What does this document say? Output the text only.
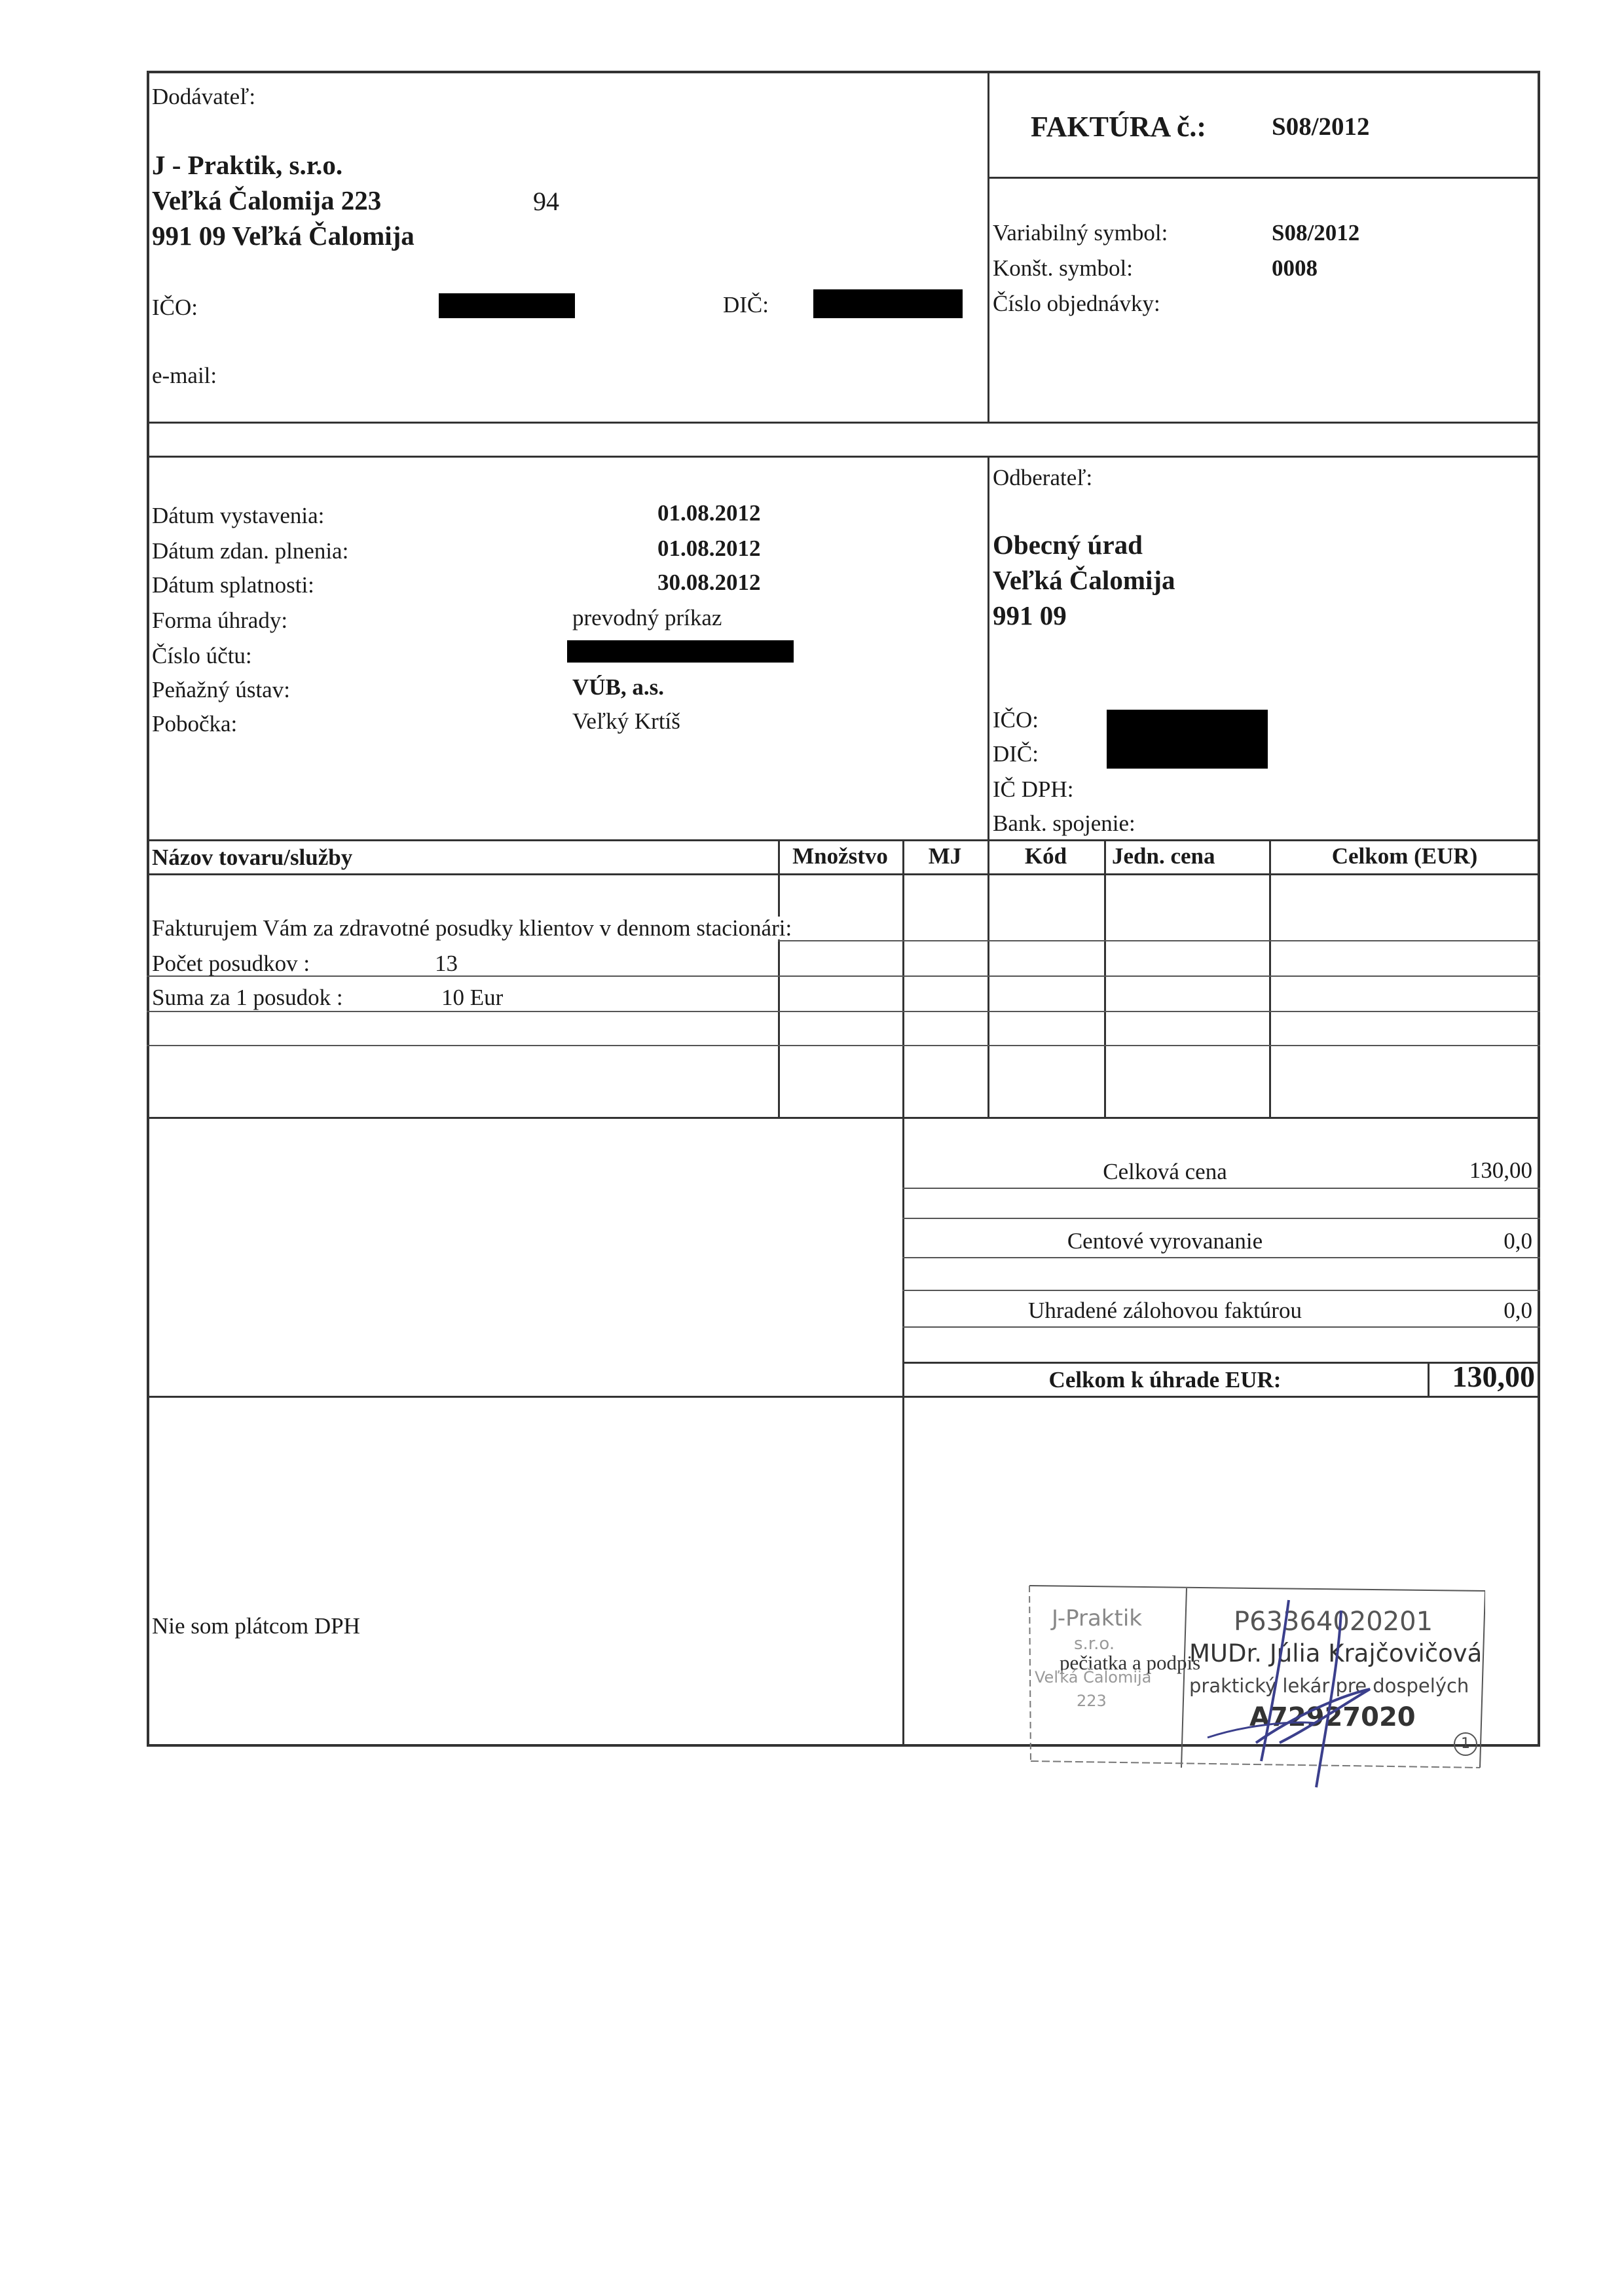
Dodávateľ:
J - Praktik, s.r.o.
Veľká Čalomija 223	94
991 09 Veľká Čalomija
IČO:	DIČ:
e-mail:
FAKTÚRA č.:	S08/2012
Variabilný symbol:	S08/2012
Konšt. symbol:	0008
Číslo objednávky:
Dátum vystavenia:	01.08.2012
Dátum zdan. plnenia:	01.08.2012
Dátum splatnosti:	30.08.2012
Forma úhrady:	prevodný príkaz
Číslo účtu:
Peňažný ústav:	VÚB, a.s.
Pobočka:	Veľký Krtíš
Odberateľ:
Obecný úrad
Veľká Čalomija
991 09
IČO:
DIČ:
IČ DPH:
Bank. spojenie:
Názov tovaru/služby	Množstvo	MJ	Kód	Jedn. cena	Celkom (EUR)
Fakturujem Vám za zdravotné posudky klientov v dennom stacionári:
Počet posudkov :	13
Suma za 1 posudok :	10 Eur
Celková cena	130,00
Centové vyrovananie	0,0
Uhradené zálohovou faktúrou	0,0
Celkom k úhrade EUR:	130,00
Nie som plátcom DPH	J-Praktik
s.r.o.
pečiatka a podpis
Veľká Čalomija
223
P63364020201
MUDr. Júlia Krajčovičová
praktický lekár pre dospelých
A72927020
1
